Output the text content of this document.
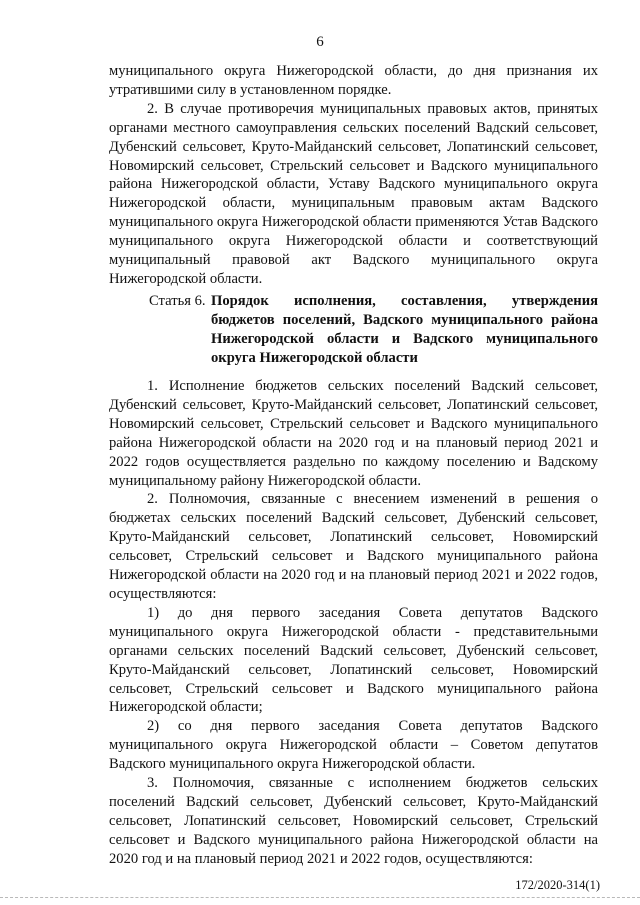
6

муниципального округа Нижегородской области, до дня признания их утратившими силу в установленном порядке.

2. В случае противоречия муниципальных правовых актов, принятых органами местного самоуправления сельских поселений Вадский сельсовет, Дубенский сельсовет, Круто-Майданский сельсовет, Лопатинский сельсовет, Новомирский сельсовет, Стрельский сельсовет и Вадского муниципального района Нижегородской области, Уставу Вадского муниципального округа Нижегородской области, муниципальным правовым актам Вадского муниципального округа Нижегородской области применяются Устав Вадского муниципального округа Нижегородской области и соответствующий муниципальный правовой акт Вадского муниципального округа Нижегородской области.

Статья 6. Порядок исполнения, составления, утверждения бюджетов поселений, Вадского муниципального района Нижегородской области и Вадского муниципального округа Нижегородской области

1. Исполнение бюджетов сельских поселений Вадский сельсовет, Дубенский сельсовет, Круто-Майданский сельсовет, Лопатинский сельсовет, Новомирский сельсовет, Стрельский сельсовет и Вадского муниципального района Нижегородской области на 2020 год и на плановый период 2021 и 2022 годов осуществляется раздельно по каждому поселению и Вадскому муниципальному району Нижегородской области.

2. Полномочия, связанные с внесением изменений в решения о бюджетах сельских поселений Вадский сельсовет, Дубенский сельсовет, Круто-Майданский сельсовет, Лопатинский сельсовет, Новомирский сельсовет, Стрельский сельсовет и Вадского муниципального района Нижегородской области на 2020 год и на плановый период 2021 и 2022 годов, осуществляются:

1) до дня первого заседания Совета депутатов Вадского муниципального округа Нижегородской области - представительными органами сельских поселений Вадский сельсовет, Дубенский сельсовет, Круто-Майданский сельсовет, Лопатинский сельсовет, Новомирский сельсовет, Стрельский сельсовет и Вадского муниципального района Нижегородской области;

2) со дня первого заседания Совета депутатов Вадского муниципального округа Нижегородской области – Советом депутатов Вадского муниципального округа Нижегородской области.

3. Полномочия, связанные с исполнением бюджетов сельских поселений Вадский сельсовет, Дубенский сельсовет, Круто-Майданский сельсовет, Лопатинский сельсовет, Новомирский сельсовет, Стрельский сельсовет и Вадского муниципального района Нижегородской области на 2020 год и на плановый период 2021 и 2022 годов, осуществляются:

172/2020-314(1)
